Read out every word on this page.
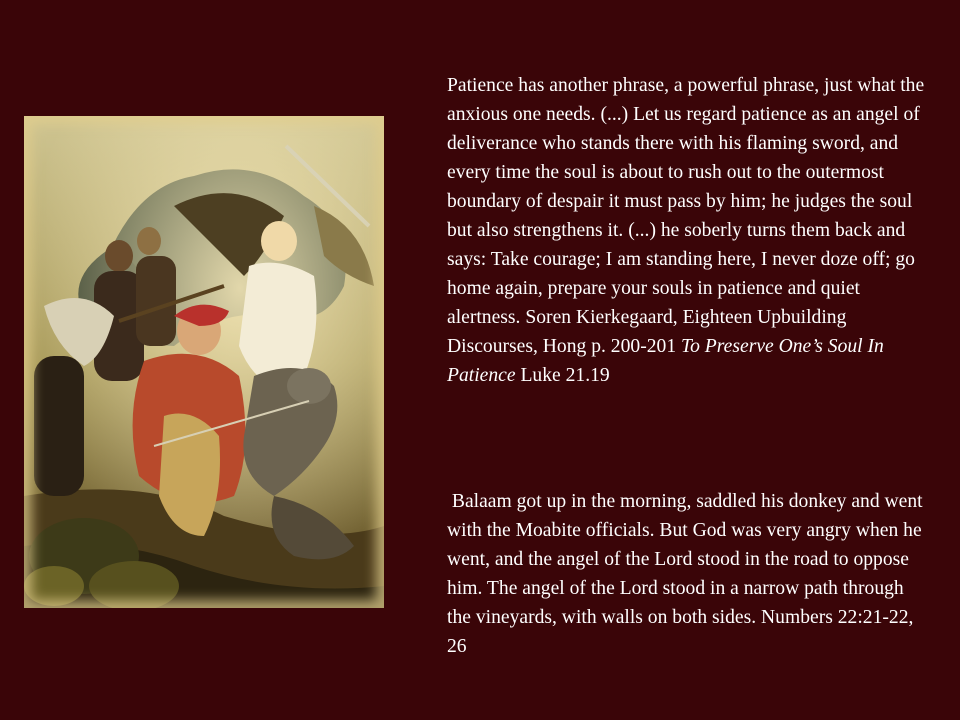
Patience has another phrase, a powerful phrase, just what the anxious one needs. (...) Let us regard patience as an angel of deliverance who stands there with his flaming sword, and every time the soul is about to rush out to the outermost boundary of despair it must pass by him; he judges the soul but also strengthens it. (...) he soberly turns them back and says: Take courage; I am standing here, I never doze off; go home again, prepare your souls in patience and quiet alertness. Soren Kierkegaard, Eighteen Upbuilding Discourses, Hong p. 200-201 To Preserve One’s Soul In Patience Luke 21.19
Balaam got up in the morning, saddled his donkey and went with the Moabite officials. But God was very angry when he went, and the angel of the Lord stood in the road to oppose him. The angel of the Lord stood in a narrow path through the vineyards, with walls on both sides. Numbers 22:21-22, 26
